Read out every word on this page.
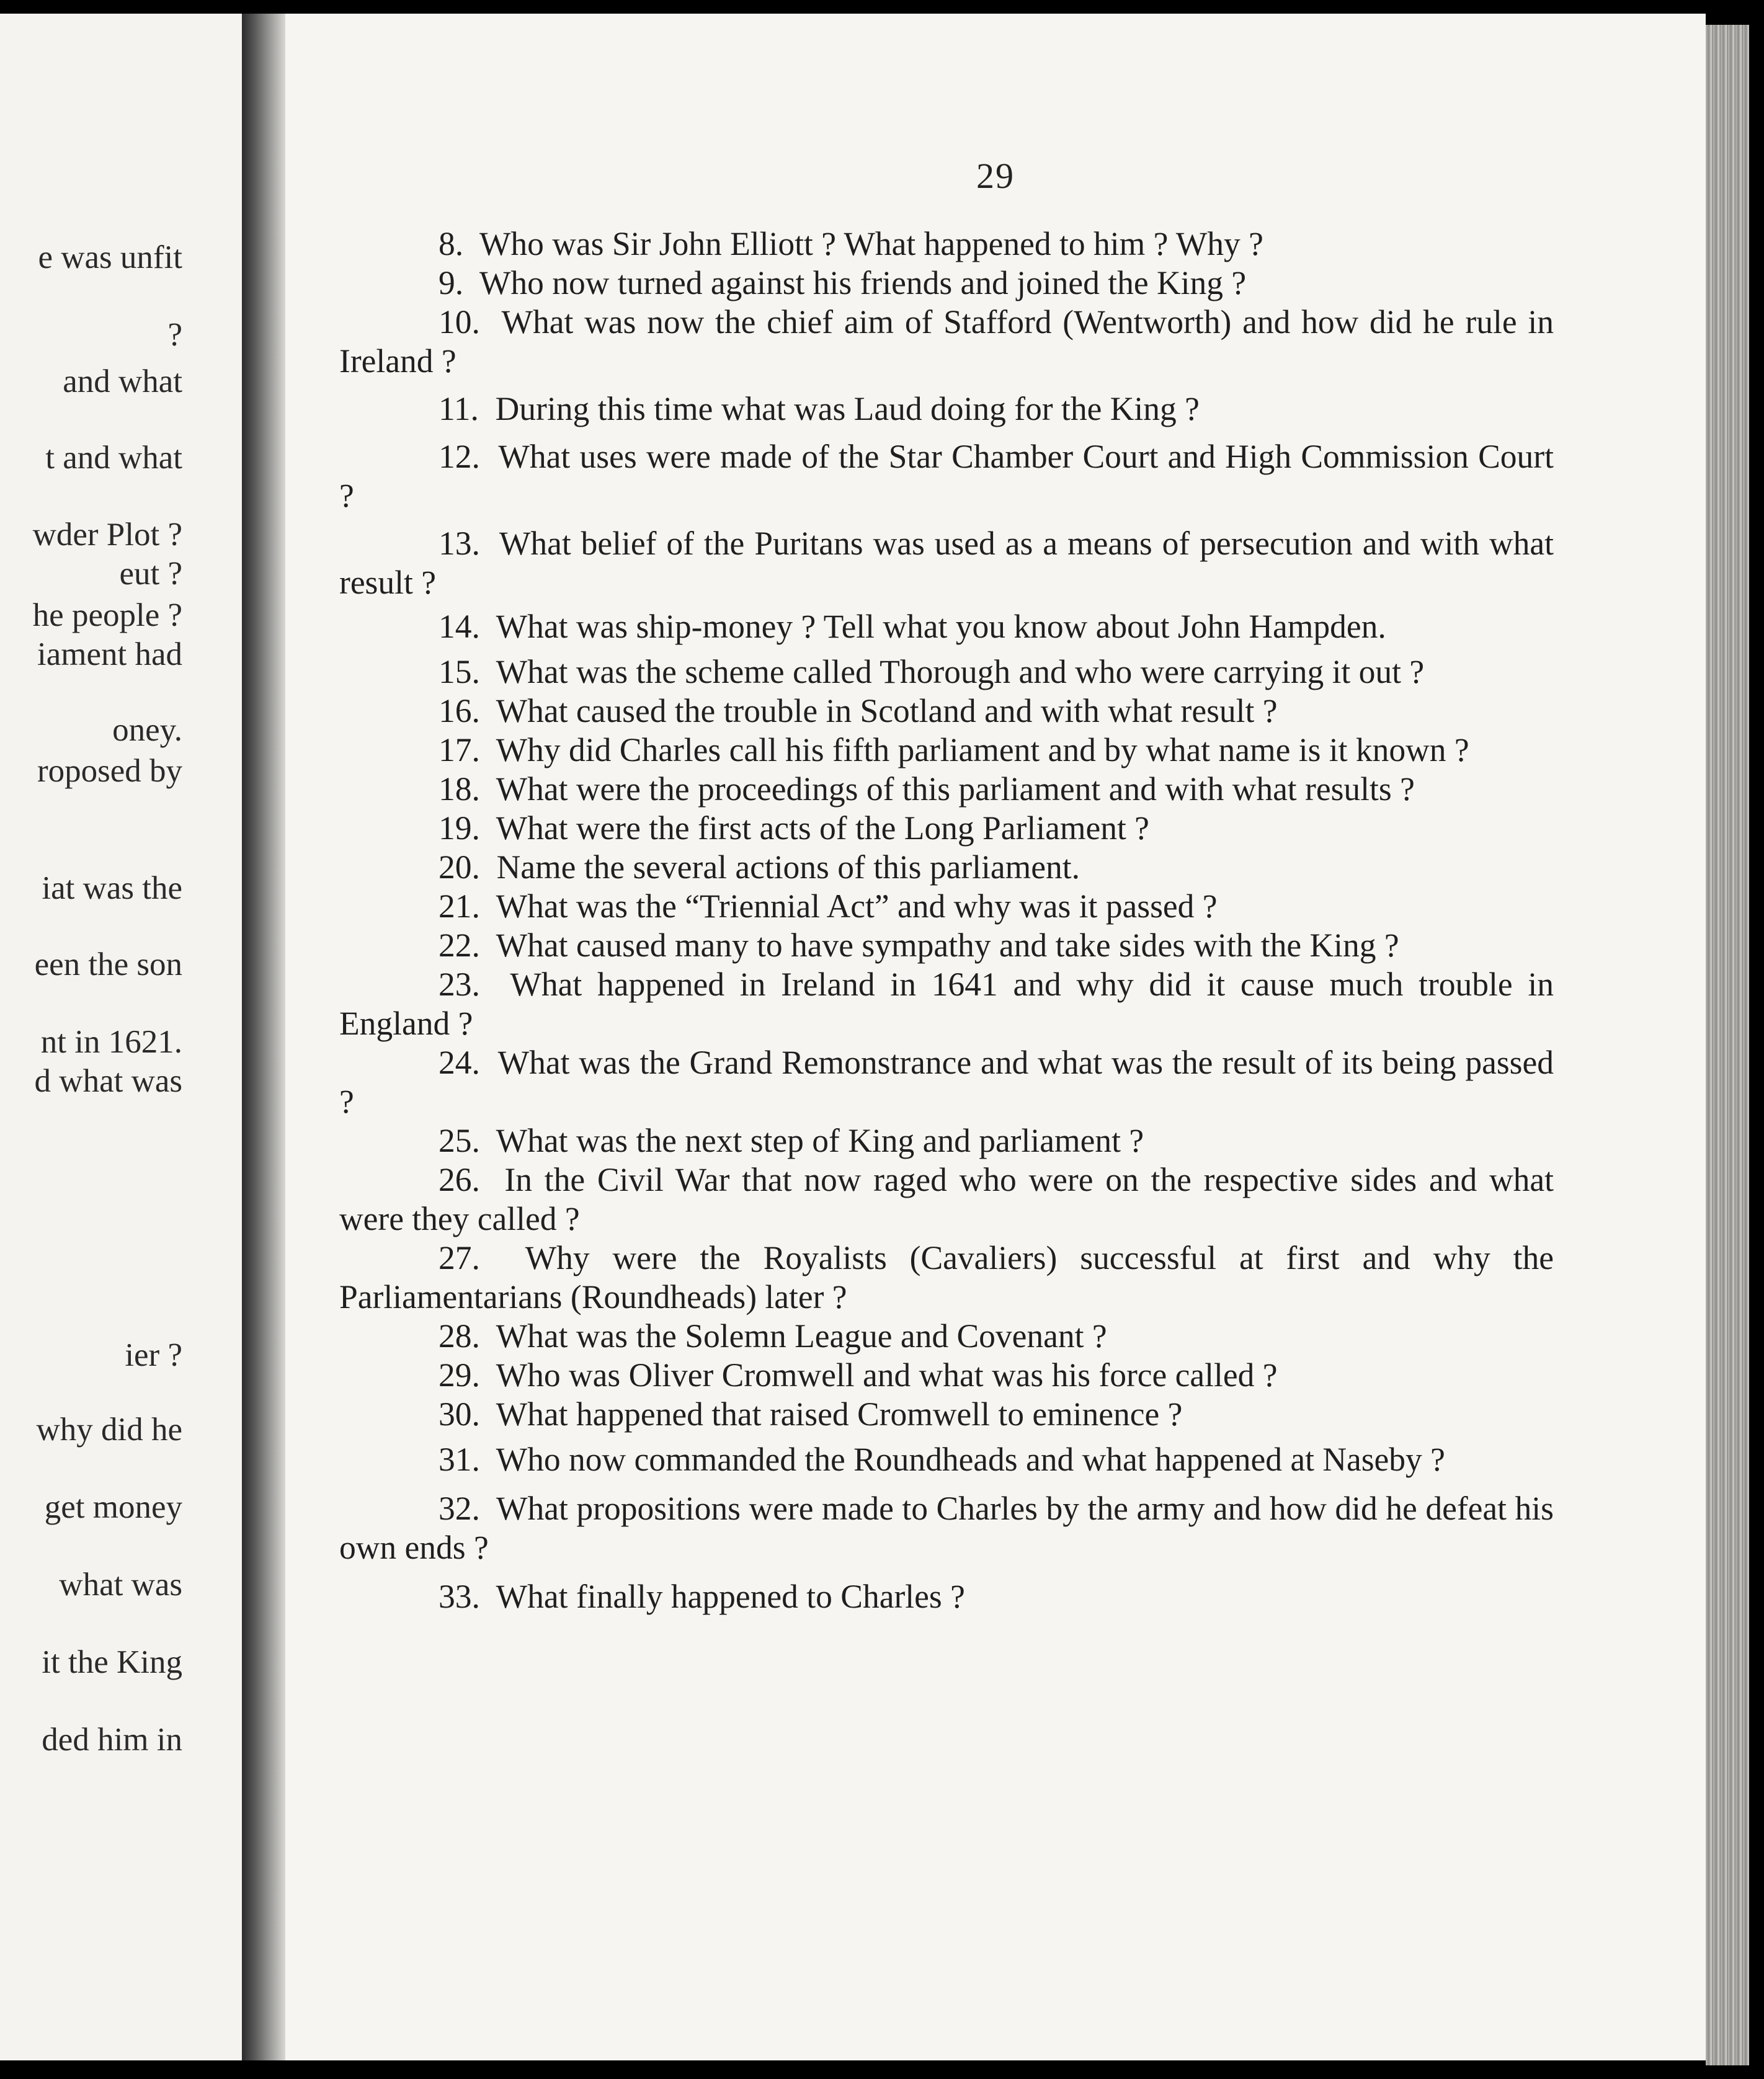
e was unfit
?
and what
t and what
wder Plot ?
eut ?
he people ?
iament had
oney.
roposed by
iat was the
een the son
nt in 1621.
d what was
ier ?
why did he
get money
what was
it the King
ded him in
29
8. Who was Sir John Elliott ? What happened to him ? Why ?
9. Who now turned against his friends and joined the King ?
10. What was now the chief aim of Stafford (Wentworth) and how did he rule in Ireland ?
11. During this time what was Laud doing for the King ?
12. What uses were made of the Star Chamber Court and High Commission Court ?
13. What belief of the Puritans was used as a means of persecution and with what result ?
14. What was ship-money ? Tell what you know about John Hampden.
15. What was the scheme called Thorough and who were carrying it out ?
16. What caused the trouble in Scotland and with what result ?
17. Why did Charles call his fifth parliament and by what name is it known ?
18. What were the proceedings of this parliament and with what results ?
19. What were the first acts of the Long Parliament ?
20. Name the several actions of this parliament.
21. What was the “Triennial Act” and why was it passed ?
22. What caused many to have sympathy and take sides with the King ?
23. What happened in Ireland in 1641 and why did it cause much trouble in England ?
24. What was the Grand Remonstrance and what was the result of its being passed ?
25. What was the next step of King and parliament ?
26. In the Civil War that now raged who were on the respective sides and what were they called ?
27. Why were the Royalists (Cavaliers) successful at first and why the Parliamentarians (Roundheads) later ?
28. What was the Solemn League and Covenant ?
29. Who was Oliver Cromwell and what was his force called ?
30. What happened that raised Cromwell to eminence ?
31. Who now commanded the Roundheads and what happened at Naseby ?
32. What propositions were made to Charles by the army and how did he defeat his own ends ?
33. What finally happened to Charles ?
